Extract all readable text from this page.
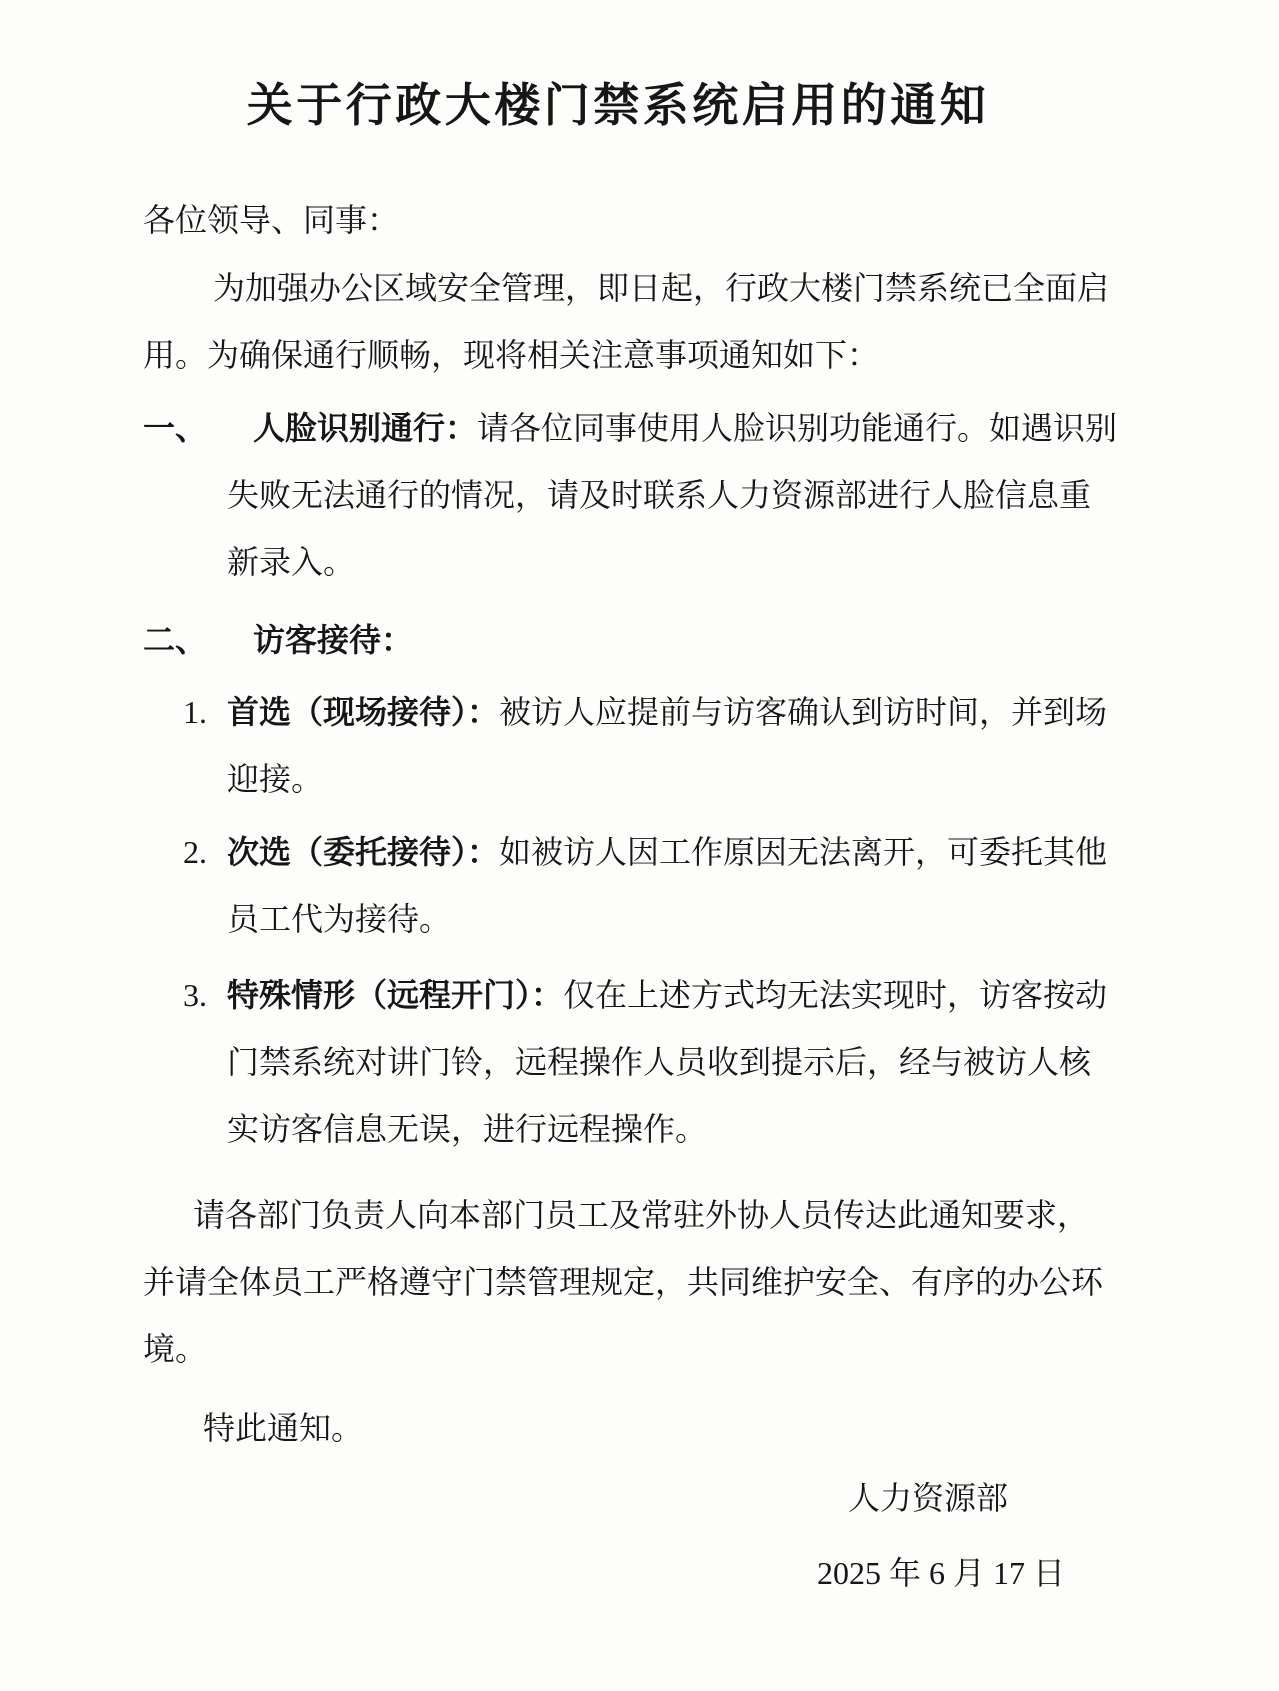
关于行政大楼门禁系统启用的通知
各位领导、同事：
为加强办公区域安全管理，即日起，行政大楼门禁系统已全面启
用。为确保通行顺畅，现将相关注意事项通知如下：
一、 人脸识别通行：请各位同事使用人脸识别功能通行。如遇识别
失败无法通行的情况，请及时联系人力资源部进行人脸信息重
新录入。
二、 访客接待：
1. 首选（现场接待）：被访人应提前与访客确认到访时间，并到场
迎接。
2. 次选（委托接待）：如被访人因工作原因无法离开，可委托其他
员工代为接待。
3. 特殊情形（远程开门）：仅在上述方式均无法实现时，访客按动
门禁系统对讲门铃，远程操作人员收到提示后，经与被访人核
实访客信息无误，进行远程操作。
请各部门负责人向本部门员工及常驻外协人员传达此通知要求，
并请全体员工严格遵守门禁管理规定，共同维护安全、有序的办公环
境。
特此通知。
人力资源部
2025 年 6 月 17 日
